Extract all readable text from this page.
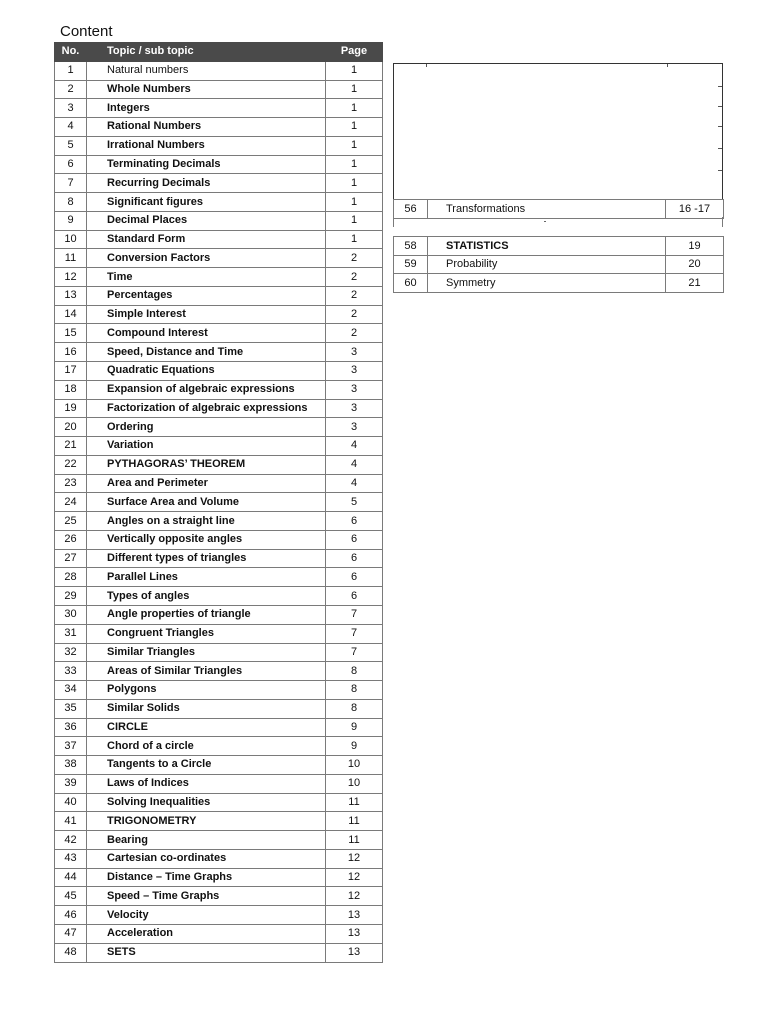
Content
No.	Topic / sub topic	Page
1	Natural numbers	1
2	Whole Numbers	1
3	Integers	1
4	Rational Numbers	1
5	Irrational Numbers	1
6	Terminating Decimals	1
7	Recurring Decimals	1
8	Significant figures	1
9	Decimal Places	1
10	Standard Form	1
11	Conversion Factors	2
12	Time	2
13	Percentages	2
14	Simple Interest	2
15	Compound Interest	2
16	Speed, Distance and Time	3
17	Quadratic Equations	3
18	Expansion of algebraic expressions	3
19	Factorization of algebraic expressions	3
20	Ordering	3
21	Variation	4
22	PYTHAGORAS’ THEOREM	4
23	Area and Perimeter	4
24	Surface Area and Volume	5
25	Angles on a straight line	6
26	Vertically opposite angles	6
27	Different types of triangles	6
28	Parallel Lines	6
29	Types of angles	6
30	Angle properties of triangle	7
31	Congruent Triangles	7
32	Similar Triangles	7
33	Areas of Similar Triangles	8
34	Polygons	8
35	Similar Solids	8
36	CIRCLE	9
37	Chord of a circle	9
38	Tangents to a Circle	10
39	Laws of Indices	10
40	Solving Inequalities	11
41	TRIGONOMETRY	11
42	Bearing	11
43	Cartesian co-ordinates	12
44	Distance – Time Graphs	12
45	Speed – Time Graphs	12
46	Velocity	13
47	Acceleration	13
48	SETS	13
56	Transformations	16 -17
58	STATISTICS	19
59	Probability	20
60	Symmetry	21
